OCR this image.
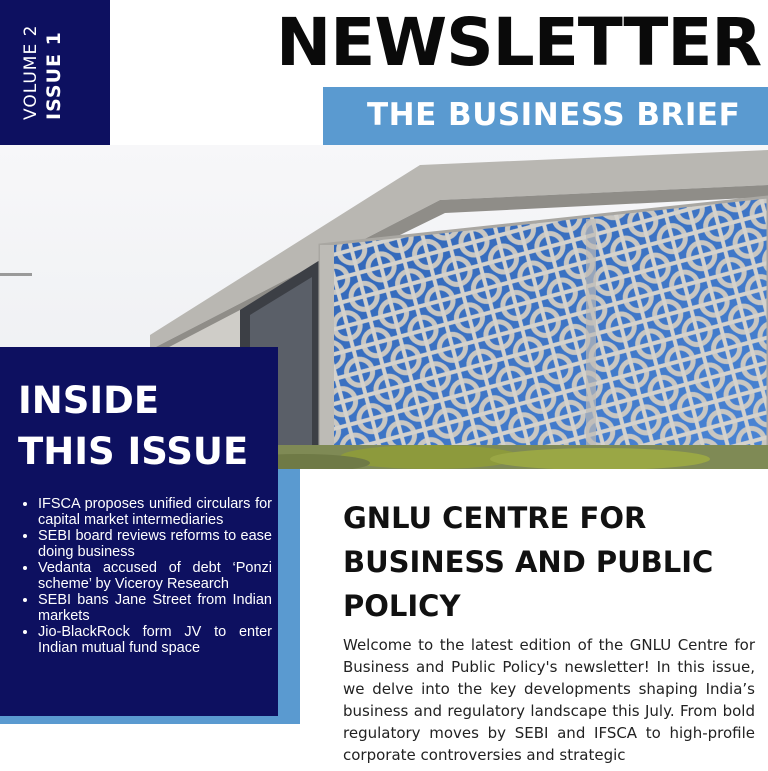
VOLUME 2 ISSUE 1	NEWSLETTER
THE BUSINESS BRIEF
INSIDE
THIS ISSUE
• IFSCA proposes unified circulars for capital market intermediaries
• SEBI board reviews reforms to ease doing business
• Vedanta accused of debt ‘Ponzi scheme’ by Viceroy Research
• SEBI bans Jane Street from Indian markets
• Jio-BlackRock form JV to enter Indian mutual fund space
GNLU CENTRE FOR BUSINESS AND PUBLIC POLICY

Welcome to the latest edition of the GNLU Centre for Business and Public Policy's newsletter! In this issue, we delve into the key developments shaping India’s business and regulatory landscape this July. From bold regulatory moves by SEBI and IFSCA to high-profile corporate controversies and strategic
